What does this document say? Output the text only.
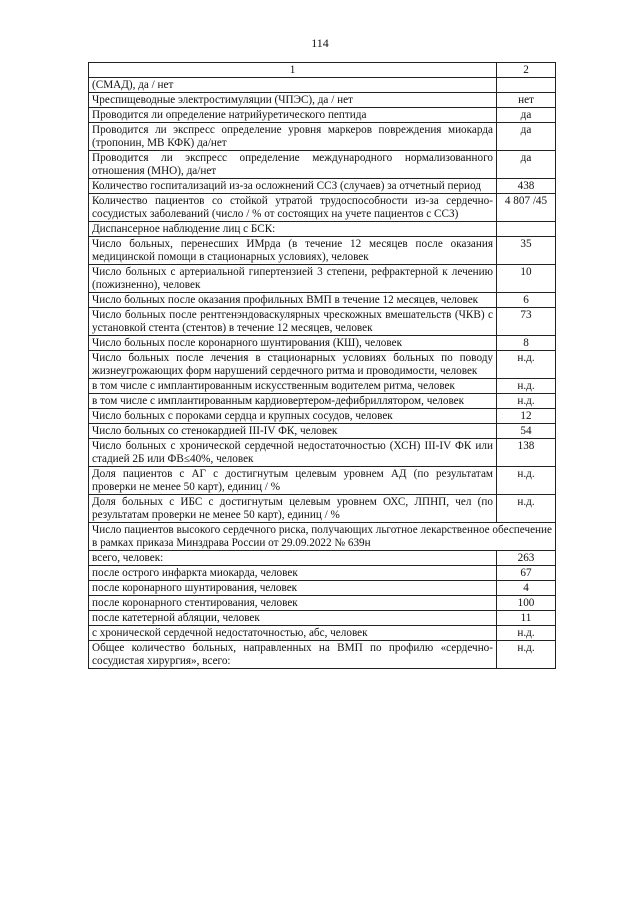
114
1	2
(СМАД), да / нет	
Чреспищеводные электростимуляции (ЧПЭС), да / нет	нет
Проводится ли определение натрийуретического пептида	да
Проводится ли экспресс определение уровня маркеров повреждения миокарда (тропонин, МВ КФК) да/нет	да
Проводится ли экспресс определение международного нормализованного отношения (МНО), да/нет	да
Количество госпитализаций из-за осложнений ССЗ (случаев) за отчетный период	438
Количество пациентов со стойкой утратой трудоспособности из-за сердечно-сосудистых заболеваний (число / % от состоящих на учете пациентов с ССЗ)	4 807 /45
Диспансерное наблюдение лиц с БСК:	
Число больных, перенесших ИМрда (в течение 12 месяцев после оказания медицинской помощи в стационарных условиях), человек	35
Число больных с артериальной гипертензией 3 степени, рефрактерной к лечению (пожизненно), человек	10
Число больных после оказания профильных ВМП в течение 12 месяцев, человек	6
Число больных после рентгенэндоваскулярных чрескожных вмешательств (ЧКВ) с установкой стента (стентов) в течение 12 месяцев, человек	73
Число больных после коронарного шунтирования (КШ), человек	8
Число больных после лечения в стационарных условиях больных по поводу жизнеугрожающих форм нарушений сердечного ритма и проводимости, человек	н.д.
в том числе с имплантированным искусственным водителем ритма, человек	н.д.
в том числе с имплантированным кардиовертером-дефибриллятором, человек	н.д.
Число больных с пороками сердца и крупных сосудов, человек	12
Число больных со стенокардией III-IV ФК, человек	54
Число больных с хронической сердечной недостаточностью (ХСН) III-IV ФК или стадией 2Б или ФВ≤40%, человек	138
Доля пациентов с АГ с достигнутым целевым уровнем АД (по результатам проверки не менее 50 карт), единиц / %	н.д.
Доля больных с ИБС с достигнутым целевым уровнем ОХС, ЛПНП, чел (по результатам проверки не менее 50 карт), единиц / %	н.д.
Число пациентов высокого сердечного риска, получающих льготное лекарственное обеспечение в рамках приказа Минздрава России от 29.09.2022 № 639н	
всего, человек:	263
после острого инфаркта миокарда, человек	67
после коронарного шунтирования, человек	4
после коронарного стентирования, человек	100
после катетерной абляции, человек	11
с хронической сердечной недостаточностью, абс, человек	н.д.
Общее количество больных, направленных на ВМП по профилю «сердечно-сосудистая хирургия», всего:	н.д.
